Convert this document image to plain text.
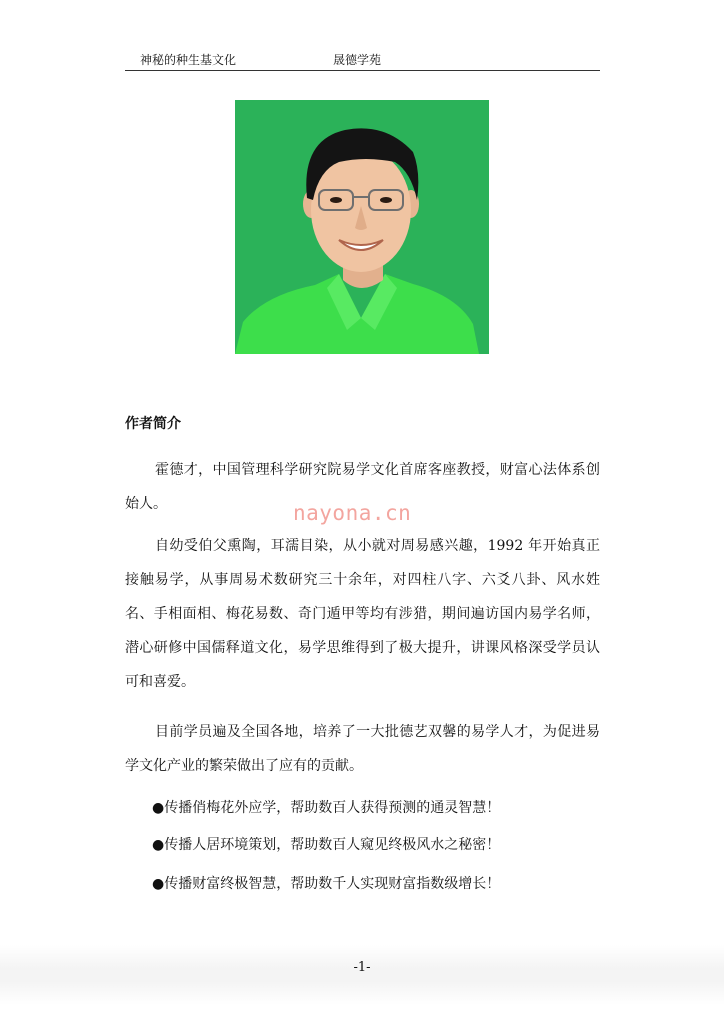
神秘的种生基文化	晟德学苑
nayona.cn
作者简介
霍德才，中国管理科学研究院易学文化首席客座教授，财富心法体系创始人。
自幼受伯父熏陶，耳濡目染，从小就对周易感兴趣，1992 年开始真正接触易学，从事周易术数研究三十余年，对四柱八字、六爻八卦、风水姓名、手相面相、梅花易数、奇门遁甲等均有涉猎，期间遍访国内易学名师，潜心研修中国儒释道文化，易学思维得到了极大提升，讲课风格深受学员认可和喜爱。
目前学员遍及全国各地，培养了一大批德艺双馨的易学人才，为促进易学文化产业的繁荣做出了应有的贡献。
●传播俏梅花外应学，帮助数百人获得预测的通灵智慧！
●传播人居环境策划，帮助数百人窥见终极风水之秘密！
●传播财富终极智慧，帮助数千人实现财富指数级增长！
-1-
